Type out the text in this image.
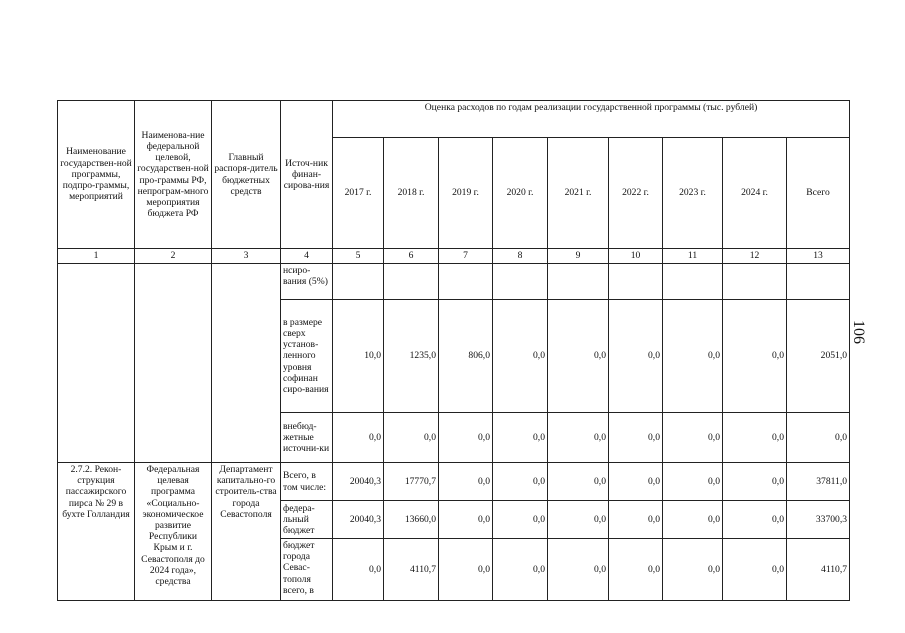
Наименование государствен-ной программы, подпро-граммы, мероприятий	Наименова-ние федеральной целевой, государствен-ной про-граммы РФ, непрограм-много мероприятия бюджета РФ	Главный распоря-дитель бюджетных средств	Источ-ник финан-сирова-ния	Оценка расходов по годам реализации государственной программы (тыс. рублей)								
				2017 г.	2018 г.	2019 г.	2020 г.	2021 г.	2022 г.	2023 г.	2024 г.	Всего
1	2	3	4	5	6	7	8	9	10	11	12	13
			нсиро-вания (5%)									
			в размере сверх установ-ленного уровня софинан сиро-вания	10,0	1235,0	806,0	0,0	0,0	0,0	0,0	0,0	2051,0
			внебюд-жетные источни-ки	0,0	0,0	0,0	0,0	0,0	0,0	0,0	0,0	0,0
2.7.2. Рекон-струкция пассажирского пирса № 29 в бухте Голландия	Федеральная целевая программа «Социально-экономическое развитие Республики Крым и г. Севастополя до 2024 года», средства	Департамент капитально-го строитель-ства города Севастополя	Всего, в том числе:	20040,3	17770,7	0,0	0,0	0,0	0,0	0,0	0,0	37811,0
			федера-льный бюджет	20040,3	13660,0	0,0	0,0	0,0	0,0	0,0	0,0	33700,3
			бюджет города Севас-тополя всего, в	0,0	4110,7	0,0	0,0	0,0	0,0	0,0	0,0	4110,7
106
